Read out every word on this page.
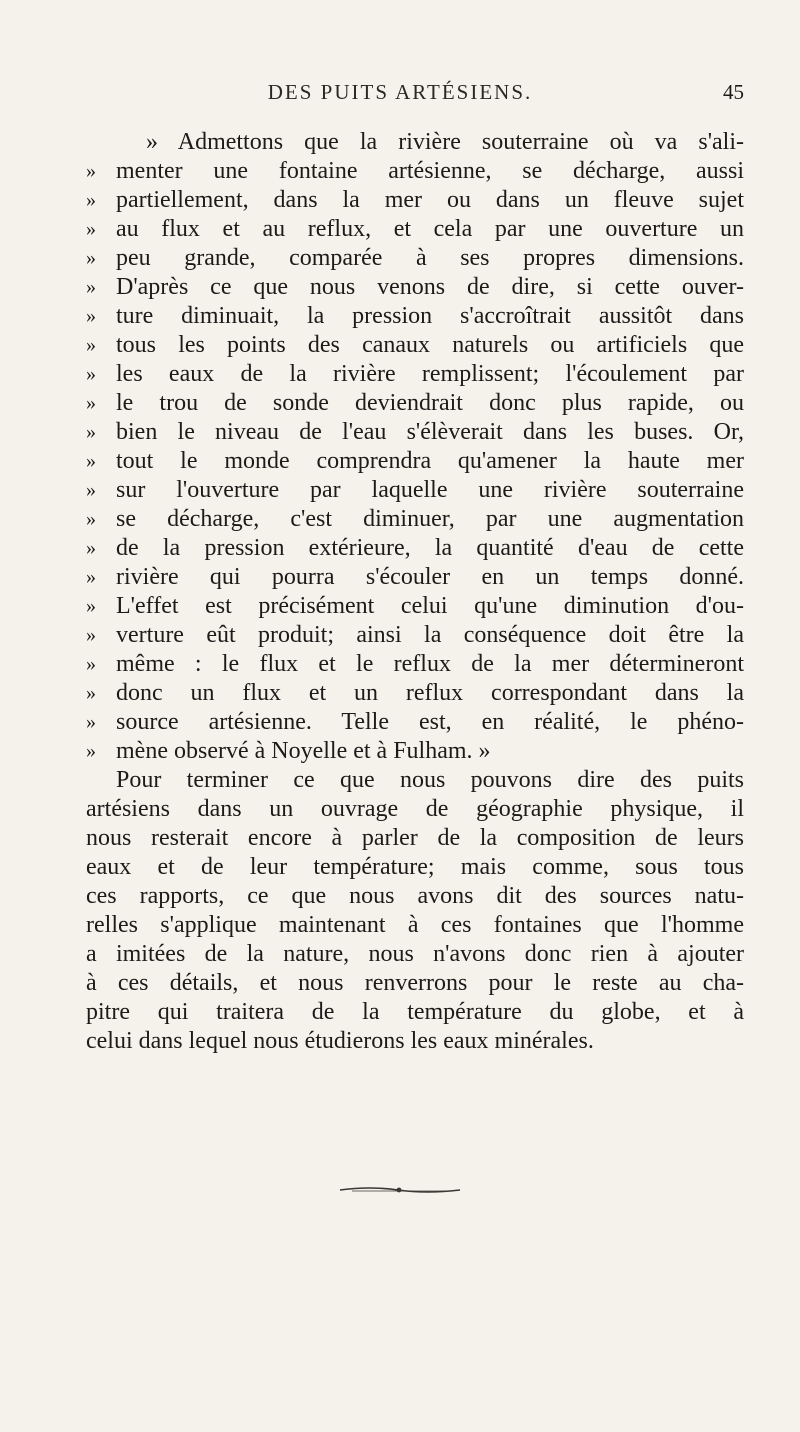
DES PUITS ARTÉSIENS.	45
» Admettons que la rivière souterraine où va s'ali-
» menter une fontaine artésienne, se décharge, aussi
» partiellement, dans la mer ou dans un fleuve sujet
» au flux et au reflux, et cela par une ouverture un
» peu grande, comparée à ses propres dimensions.
» D'après ce que nous venons de dire, si cette ouver-
» ture diminuait, la pression s'accroîtrait aussitôt dans
» tous les points des canaux naturels ou artificiels que
» les eaux de la rivière remplissent; l'écoulement par
» le trou de sonde deviendrait donc plus rapide, ou
» bien le niveau de l'eau s'élèverait dans les buses. Or,
» tout le monde comprendra qu'amener la haute mer
» sur l'ouverture par laquelle une rivière souterraine
» se décharge, c'est diminuer, par une augmentation
» de la pression extérieure, la quantité d'eau de cette
» rivière qui pourra s'écouler en un temps donné.
» L'effet est précisément celui qu'une diminution d'ou-
» verture eût produit; ainsi la conséquence doit être la
» même : le flux et le reflux de la mer détermineront
» donc un flux et un reflux correspondant dans la
» source artésienne. Telle est, en réalité, le phéno-
» mène observé à Noyelle et à Fulham. »
Pour terminer ce que nous pouvons dire des puits
artésiens dans un ouvrage de géographie physique, il
nous resterait encore à parler de la composition de leurs
eaux et de leur température; mais comme, sous tous
ces rapports, ce que nous avons dit des sources natu-
relles s'applique maintenant à ces fontaines que l'homme
a imitées de la nature, nous n'avons donc rien à ajouter
à ces détails, et nous renverrons pour le reste au cha-
pitre qui traitera de la température du globe, et à
celui dans lequel nous étudierons les eaux minérales.
